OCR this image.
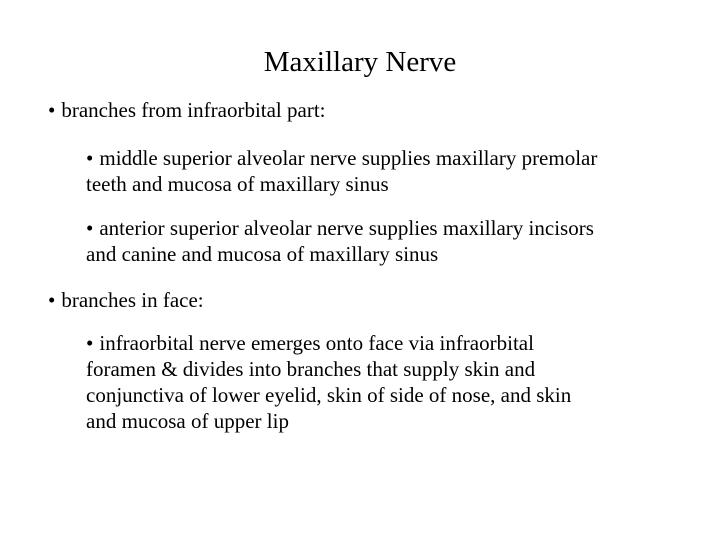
Maxillary Nerve
• branches from infraorbital part:
• middle superior alveolar nerve supplies maxillary premolar
teeth and mucosa of maxillary sinus
• anterior superior alveolar nerve supplies maxillary incisors
and canine and mucosa of maxillary sinus
• branches in face:
• infraorbital nerve emerges onto face via infraorbital
foramen & divides into branches that supply skin and
conjunctiva of lower eyelid, skin of side of nose, and skin
and mucosa of upper lip
